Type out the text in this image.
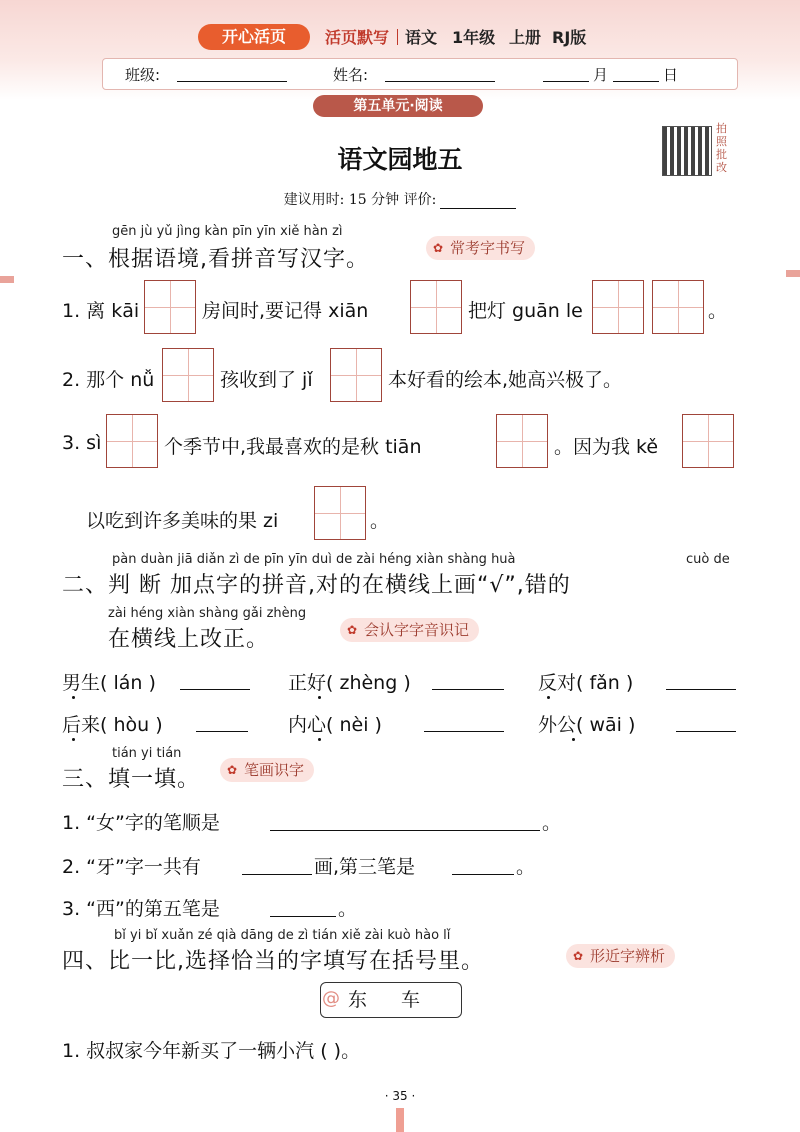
开心活页	活页默写 语文 1年级 上册 RJ版
班级:	姓名:	月	日
第五单元·阅读
语文园地五
拍照批改
建议用时: 15 分钟 评价:
gēn jù yǔ jìng kàn pīn yīn xiě hàn zì
一、根据语境,看拼音写汉字。	✿ 常考字书写
1. 离 kāi	房间时,要记得 xiān	把灯 guān le	。
2. 那个 nǚ	孩收到了 jǐ	本好看的绘本,她高兴极了。
3. sì	个季节中,我最喜欢的是秋 tiān	。因为我 kě
以吃到许多美味的果 zi	。
pàn duàn jiā diǎn zì de pīn yīn duì de zài héng xiàn shàng huà	cuò de
二、判 断 加点字的拼音,对的在横线上画“√”,错的
zài héng xiàn shàng gǎi zhèng
在横线上改正。	✿ 会认字字音识记
男生( lán )	正好( zhèng )	反对( fǎn )
后来( hòu )	内心( nèi )	外公( wāi )
tián yi tián
三、填一填。	✿ 笔画识字
1. “女”字的笔顺是	。
2. “牙”字一共有	画,第三笔是	。
3. “西”的第五笔是	。
bǐ yi bǐ xuǎn zé qià dāng de zì tián xiě zài kuò hào lǐ
四、比一比,选择恰当的字填写在括号里。	✿ 形近字辨析
东 车
@
1. 叔叔家今年新买了一辆小汽 ( )。
· 35 ·
